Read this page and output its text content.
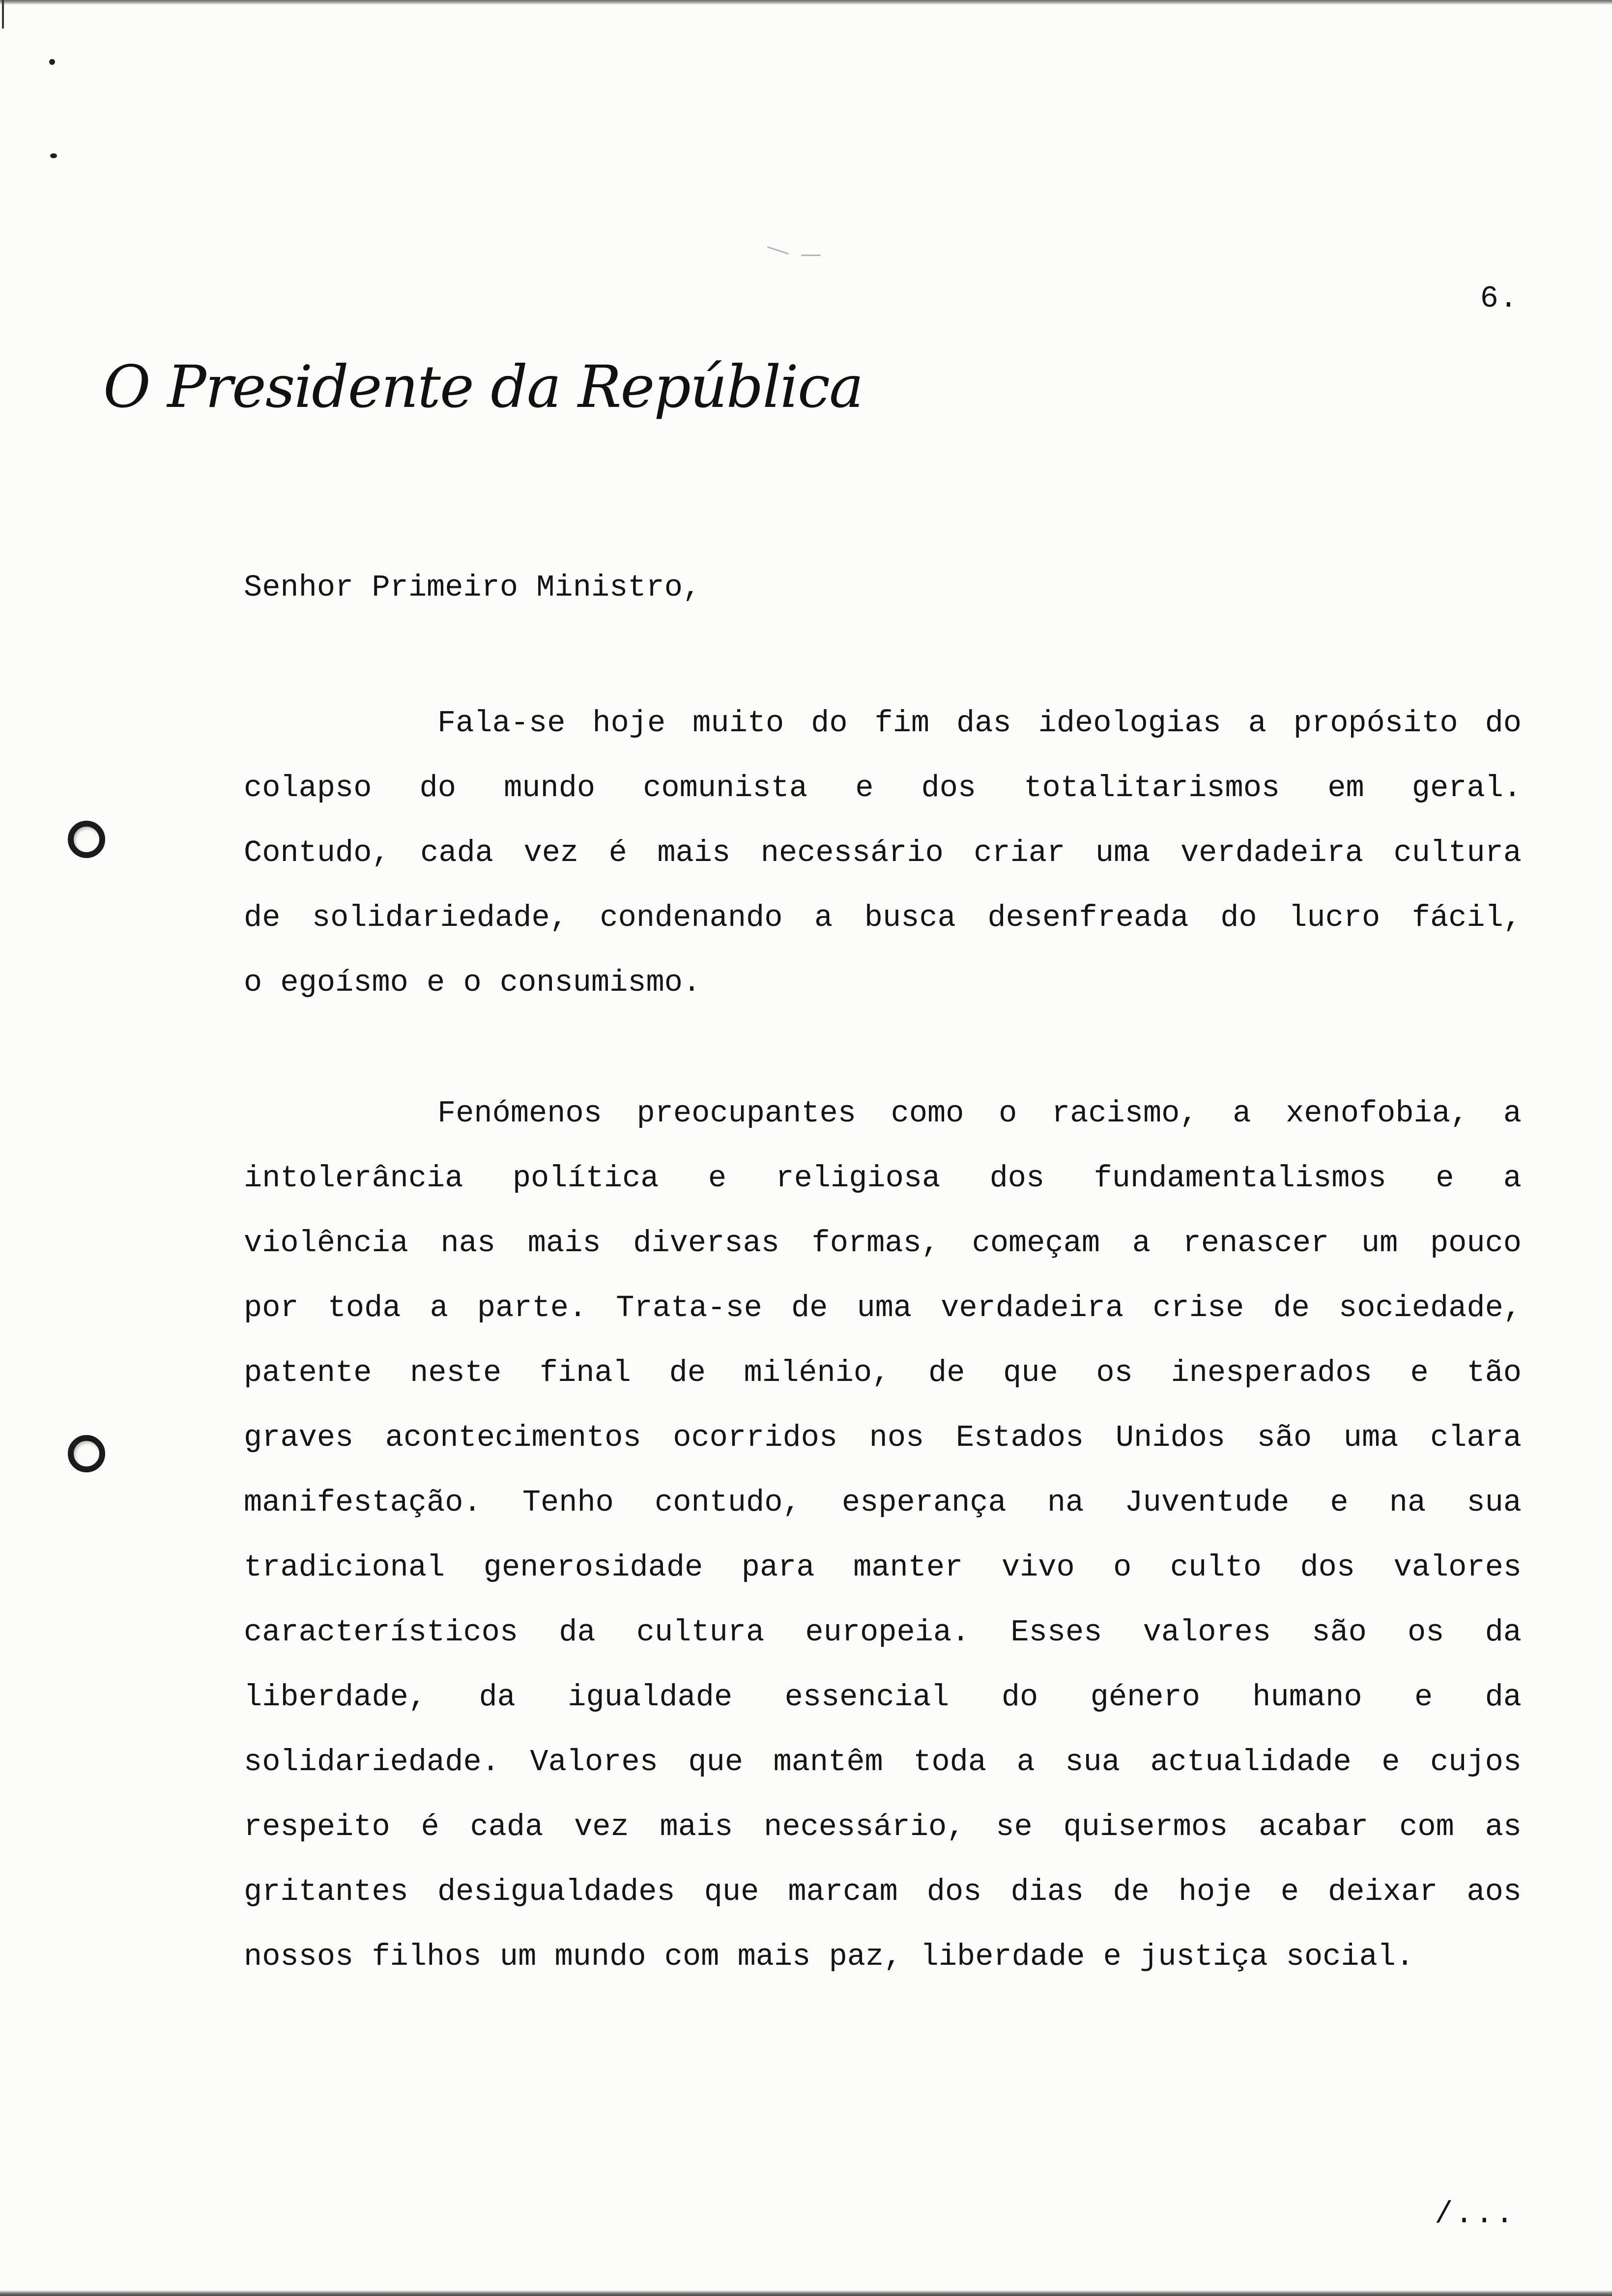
6.
O Presidente da República
Senhor Primeiro Ministro,
Fala-se hoje muito do fim das ideologias a propósito do
colapso do mundo comunista e dos totalitarismos em geral.
Contudo, cada vez é mais necessário criar uma verdadeira cultura
de solidariedade, condenando a busca desenfreada do lucro fácil,
o egoísmo e o consumismo.
Fenómenos preocupantes como o racismo, a xenofobia, a
intolerância política e religiosa dos fundamentalismos e a
violência nas mais diversas formas, começam a renascer um pouco
por toda a parte. Trata-se de uma verdadeira crise de sociedade,
patente neste final de milénio, de que os inesperados e tão
graves acontecimentos ocorridos nos Estados Unidos são uma clara
manifestação. Tenho contudo, esperança na Juventude e na sua
tradicional generosidade para manter vivo o culto dos valores
característicos da cultura europeia. Esses valores são os da
liberdade, da igualdade essencial do género humano e da
solidariedade. Valores que mantêm toda a sua actualidade e cujos
respeito é cada vez mais necessário, se quisermos acabar com as
gritantes desigualdades que marcam dos dias de hoje e deixar aos
nossos filhos um mundo com mais paz, liberdade e justiça social.
/...
